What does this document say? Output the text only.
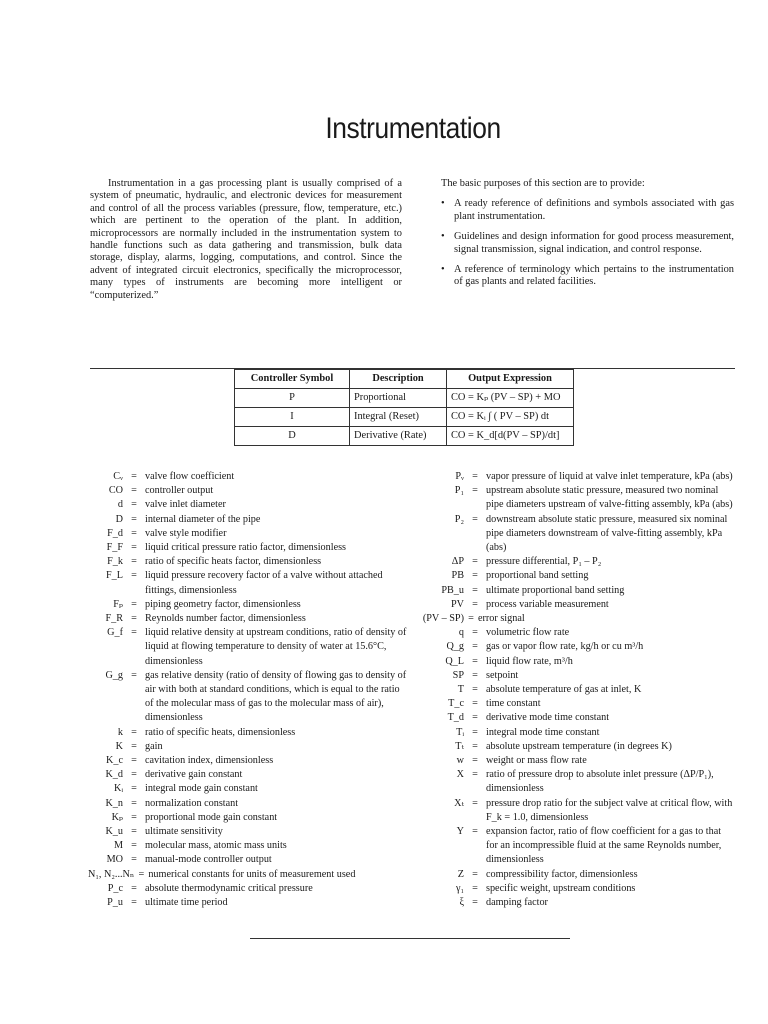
Instrumentation

Instrumentation in a gas processing plant is usually comprised of a system of pneumatic, hydraulic, and electronic devices for measurement and control of all the process variables (pressure, flow, temperature, etc.) which are pertinent to the operation of the plant. In addition, microprocessors are normally included in the instrumentation system to handle functions such as data gathering and transmission, bulk data storage, display, alarms, logging, computations, and control. Since the advent of integrated circuit electronics, specifically the microprocessor, many types of instruments are becoming more intelligent or “computerized.”

The basic purposes of this section are to provide:

• A ready reference of definitions and symbols associated with gas plant instrumentation.
• Guidelines and design information for good process measurement, signal transmission, signal indication, and control response.
• A reference of terminology which pertains to the instrumentation of gas plants and related facilities.
Controller Symbol	Description	Output Expression
P	Proportional	CO = Kₚ (PV – SP) + MO
I	Integral (Reset)	CO = Kᵢ ∫ ( PV – SP) dt
D	Derivative (Rate)	CO = K_d[d(PV – SP)/dt]
Cᵥ = valve flow coefficient
CO = controller output
d = valve inlet diameter
D = internal diameter of the pipe
F_d = valve style modifier
F_F = liquid critical pressure ratio factor, dimensionless
F_k = ratio of specific heats factor, dimensionless
F_L = liquid pressure recovery factor of a valve without attached fittings, dimensionless
Fₚ = piping geometry factor, dimensionless
F_R = Reynolds number factor, dimensionless
G_f = liquid relative density at upstream conditions, ratio of density of liquid at flowing temperature to density of water at 15.6°C, dimensionless
G_g = gas relative density (ratio of density of flowing gas to density of air with both at standard conditions, which is equal to the ratio of the molecular mass of gas to the molecular mass of air), dimensionless
k = ratio of specific heats, dimensionless
K = gain
K_c = cavitation index, dimensionless
K_d = derivative gain constant
Kᵢ = integral mode gain constant
K_n = normalization constant
Kₚ = proportional mode gain constant
K_u = ultimate sensitivity
M = molecular mass, atomic mass units
MO = manual-mode controller output
N₁, N₂...Nₙ = numerical constants for units of measurement used
P_c = absolute thermodynamic critical pressure
P_u = ultimate time period
Pᵥ = vapor pressure of liquid at valve inlet temperature, kPa (abs)
P₁ = upstream absolute static pressure, measured two nominal pipe diameters upstream of valve-fitting assembly, kPa (abs)
P₂ = downstream absolute static pressure, measured six nominal pipe diameters downstream of valve-fitting assembly, kPa (abs)
ΔP = pressure differential, P₁ – P₂
PB = proportional band setting
PB_u = ultimate proportional band setting
PV = process variable measurement
(PV – SP) = error signal
q = volumetric flow rate
Q_g = gas or vapor flow rate, kg/h or cu m³/h
Q_L = liquid flow rate, m³/h
SP = setpoint
T = absolute temperature of gas at inlet, K
T_c = time constant
T_d = derivative mode time constant
Tᵢ = integral mode time constant
Tₜ = absolute upstream temperature (in degrees K)
w = weight or mass flow rate
X = ratio of pressure drop to absolute inlet pressure (ΔP/P₁), dimensionless
Xₜ = pressure drop ratio for the subject valve at critical flow, with F_k = 1.0, dimensionless
Y = expansion factor, ratio of flow coefficient for a gas to that for an incompressible fluid at the same Reynolds number, dimensionless
Z = compressibility factor, dimensionless
γ₁ = specific weight, upstream conditions
ξ = damping factor
